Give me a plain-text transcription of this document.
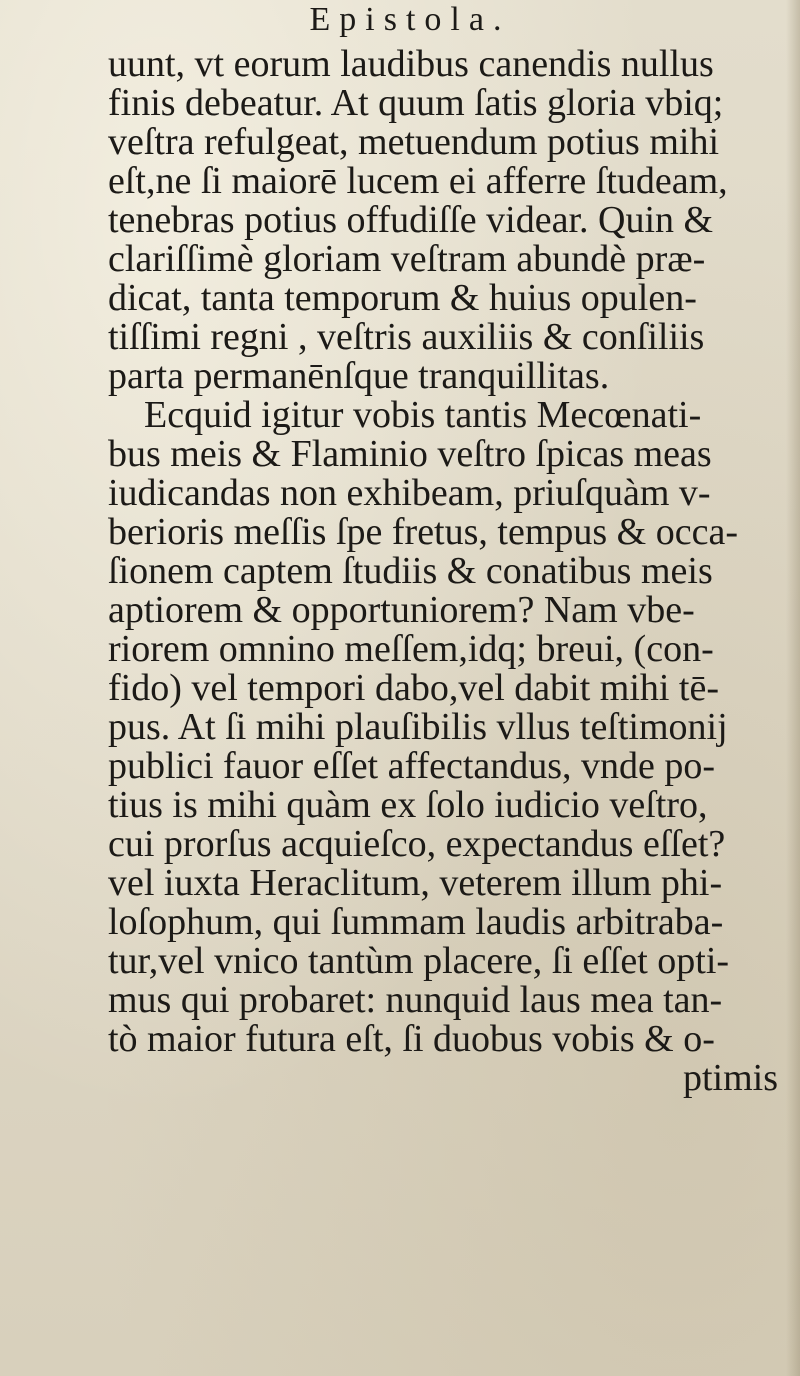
Epistola.
uunt, vt eorum laudibus canendis nullus
finis debeatur. At quum ſatis gloria vbiq;
veſtra refulgeat, metuendum potius mihi
eſt,ne ſi maiorē lucem ei afferre ſtudeam,
tenebras potius offudiſſe videar. Quin &
clariſſimè gloriam veſtram abundè præ-
dicat, tanta temporum & huius opulen-
tiſſimi regni , veſtris auxiliis & conſiliis
parta permanēnſque tranquillitas.
Ecquid igitur vobis tantis Mecœnati-
bus meis & Flaminio veſtro ſpicas meas
iudicandas non exhibeam, priuſquàm v-
berioris meſſis ſpe fretus, tempus & occa-
ſionem captem ſtudiis & conatibus meis
aptiorem & opportuniorem? Nam vbe-
riorem omnino meſſem,idq; breui, (con-
fido) vel tempori dabo,vel dabit mihi tē-
pus. At ſi mihi plauſibilis vllus teſtimonij
publici fauor eſſet affectandus, vnde po-
tius is mihi quàm ex ſolo iudicio veſtro,
cui prorſus acquieſco, expectandus eſſet?
vel iuxta Heraclitum, veterem illum phi-
loſophum, qui ſummam laudis arbitraba-
tur,vel vnico tantùm placere, ſi eſſet opti-
mus qui probaret: nunquid laus mea tan-
tò maior futura eſt, ſi duobus vobis & o-
ptimis
